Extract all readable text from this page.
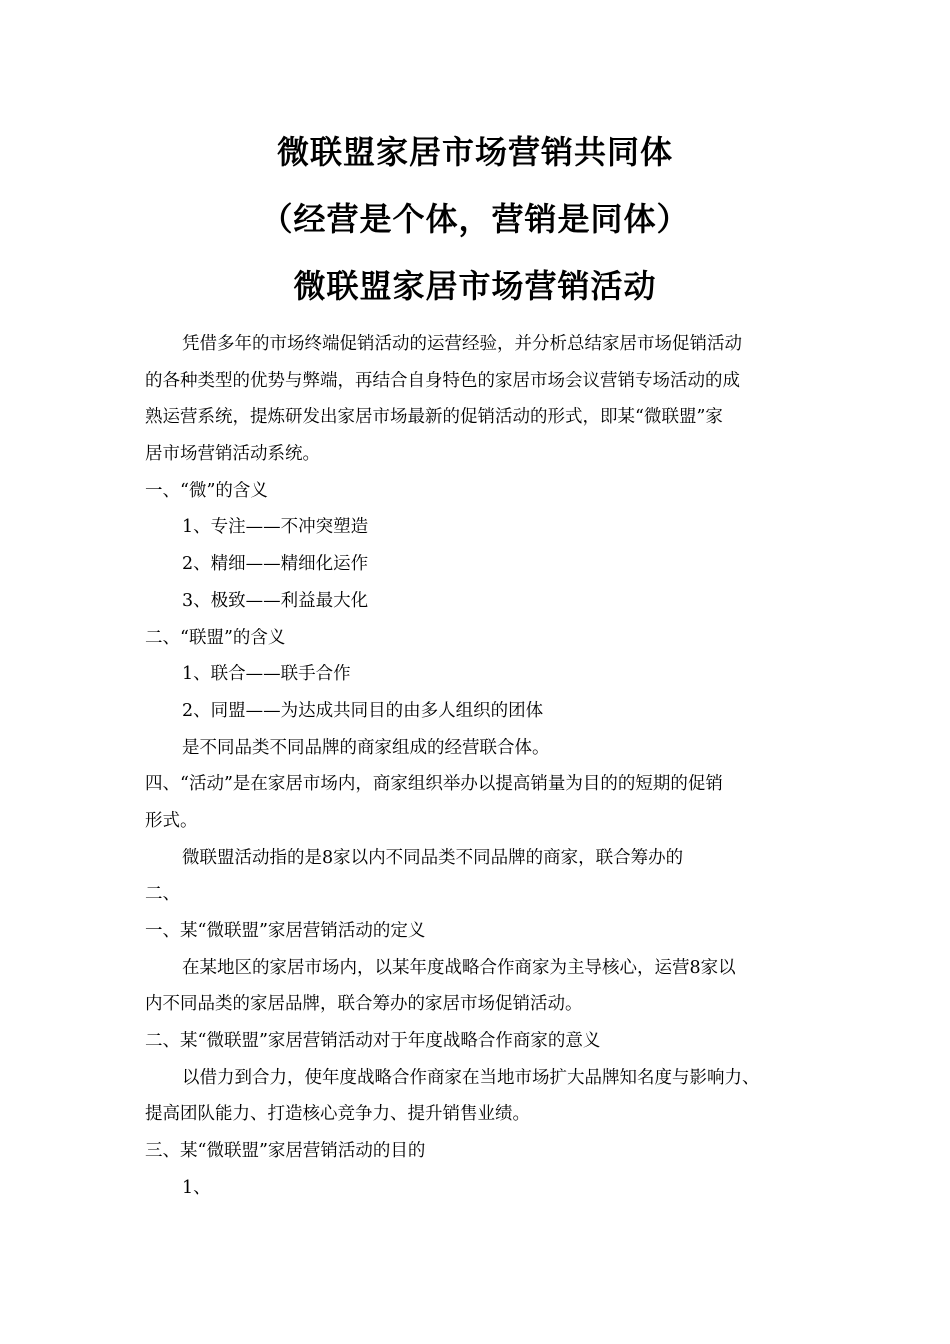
微联盟家居市场营销共同体
（经营是个体，营销是同体）
微联盟家居市场营销活动
凭借多年的市场终端促销活动的运营经验，并分析总结家居市场促销活动
的各种类型的优势与弊端，再结合自身特色的家居市场会议营销专场活动的成
熟运营系统，提炼研发出家居市场最新的促销活动的形式，即某“微联盟”家
居市场营销活动系统。
一、“微”的含义
1、专注——不冲突塑造
2、精细——精细化运作
3、极致——利益最大化
二、“联盟”的含义
1、联合——联手合作
2、同盟——为达成共同目的由多人组织的团体
是不同品类不同品牌的商家组成的经营联合体。
四、“活动”是在家居市场内，商家组织举办以提高销量为目的的短期的促销
形式。
微联盟活动指的是8家以内不同品类不同品牌的商家，联合筹办的
二、
一、某“微联盟”家居营销活动的定义
在某地区的家居市场内，以某年度战略合作商家为主导核心，运营8家以
内不同品类的家居品牌，联合筹办的家居市场促销活动。
二、某“微联盟”家居营销活动对于年度战略合作商家的意义
以借力到合力，使年度战略合作商家在当地市场扩大品牌知名度与影响力、
提高团队能力、打造核心竞争力、提升销售业绩。
三、某“微联盟”家居营销活动的目的
1、
